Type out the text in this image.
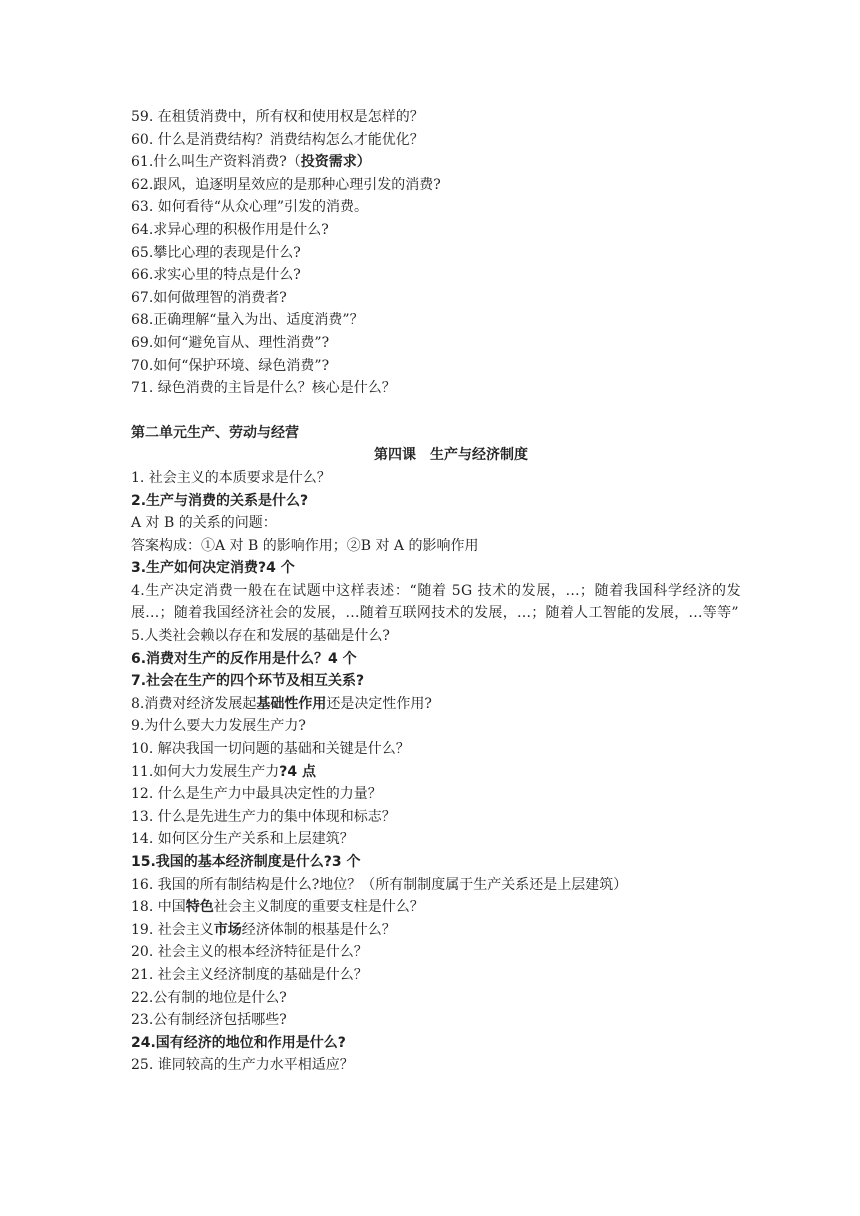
59. 在租赁消费中，所有权和使用权是怎样的？
60. 什么是消费结构？消费结构怎么才能优化？
61.什么叫生产资料消费?（投资需求）
62.跟风，追逐明星效应的是那种心理引发的消费?
63. 如何看待“从众心理”引发的消费。
64.求异心理的积极作用是什么?
65.攀比心理的表现是什么?
66.求实心里的特点是什么?
67.如何做理智的消费者?
68.正确理解“量入为出、适度消费”？
69.如何“避免盲从、理性消费”?
70.如何“保护环境、绿色消费”?
71. 绿色消费的主旨是什么？核心是什么？
第二单元生产、劳动与经营
第四课　生产与经济制度
1. 社会主义的本质要求是什么？
2.生产与消费的关系是什么?
A 对 B 的关系的问题：
答案构成：①A 对 B 的影响作用；②B 对 A 的影响作用
3.生产如何决定消费?4 个
4.生产决定消费一般在在试题中这样表述：“随着 5G 技术的发展，...；随着我国科学经济的发展...；随着我国经济社会的发展，...随着互联网技术的发展，...；随着人工智能的发展，...等等”
5.人类社会赖以存在和发展的基础是什么?
6.消费对生产的反作用是什么？4 个
7.社会在生产的四个环节及相互关系?
8.消费对经济发展起基础性作用还是决定性作用?
9.为什么要大力发展生产力?
10. 解决我国一切问题的基础和关键是什么？
11.如何大力发展生产力?4 点
12. 什么是生产力中最具决定性的力量？
13. 什么是先进生产力的集中体现和标志？
14. 如何区分生产关系和上层建筑？
15.我国的基本经济制度是什么?3 个
16. 我国的所有制结构是什么?地位？（所有制制度属于生产关系还是上层建筑）
18. 中国特色社会主义制度的重要支柱是什么？
19. 社会主义市场经济体制的根基是什么？
20. 社会主义的根本经济特征是什么？
21. 社会主义经济制度的基础是什么？
22.公有制的地位是什么?
23.公有制经济包括哪些?
24.国有经济的地位和作用是什么?
25. 谁同较高的生产力水平相适应？
